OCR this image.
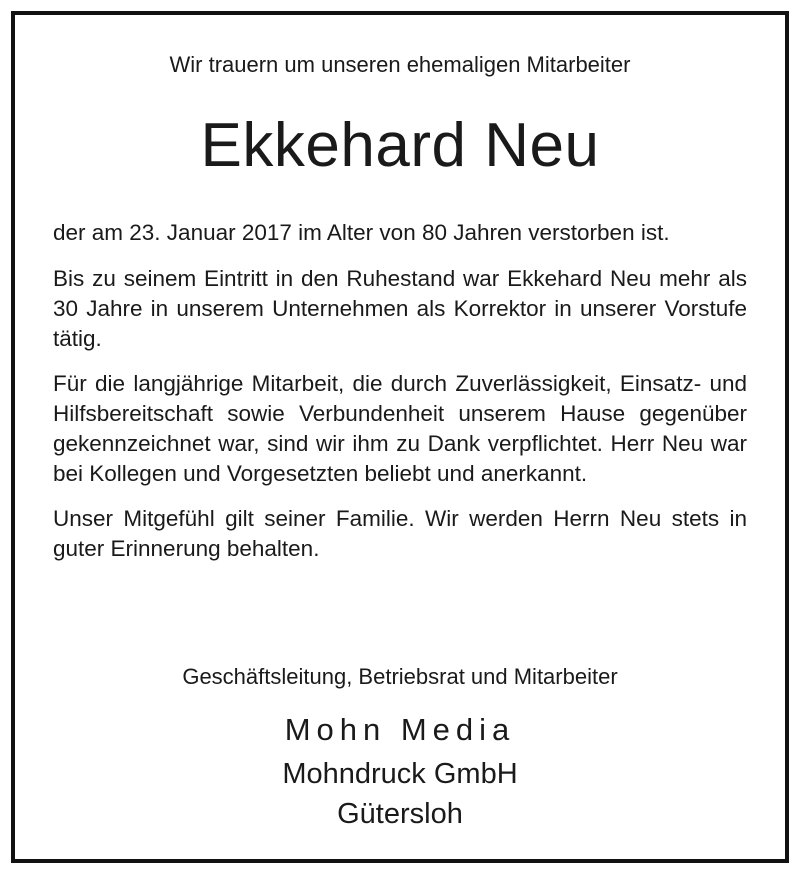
Wir trauern um unseren ehemaligen Mitarbeiter
Ekkehard Neu

der am 23. Januar 2017 im Alter von 80 Jahren verstorben ist.

Bis zu seinem Eintritt in den Ruhestand war Ekkehard Neu mehr als 30 Jahre in unserem Unternehmen als Korrektor in unserer Vorstufe tätig.

Für die langjährige Mitarbeit, die durch Zuverlässigkeit, Einsatz- und Hilfsbereitschaft sowie Verbundenheit unserem Hause gegenüber gekennzeichnet war, sind wir ihm zu Dank verpflichtet. Herr Neu war bei Kollegen und Vorgesetzten beliebt und anerkannt.

Unser Mitgefühl gilt seiner Familie. Wir werden Herrn Neu stets in guter Erinnerung behalten.

Geschäftsleitung, Betriebsrat und Mitarbeiter
Mohn Media
Mohndruck GmbH
Gütersloh
